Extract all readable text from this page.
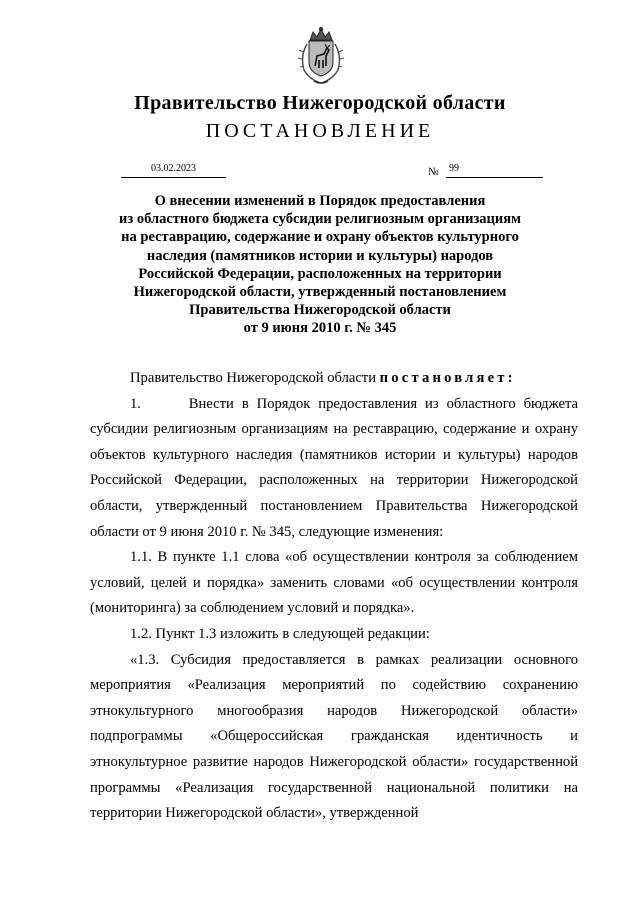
Правительство Нижегородской области
ПОСТАНОВЛЕНИЕ
03.02.2023	№	99
О внесении изменений в Порядок предоставления
из областного бюджета субсидии религиозным организациям
на реставрацию, содержание и охрану объектов культурного
наследия (памятников истории и культуры) народов
Российской Федерации, расположенных на территории
Нижегородской области, утвержденный постановлением
Правительства Нижегородской области
от 9 июня 2010 г. № 345

Правительство Нижегородской области постановляет:

1.      Внести в Порядок предоставления из областного бюджета субсидии религиозным организациям на реставрацию, содержание и охрану объектов культурного наследия (памятников истории и культуры) народов Российской Федерации, расположенных на территории Нижегородской области, утвержденный постановлением Правительства Нижегородской области от 9 июня 2010 г. № 345, следующие изменения:

1.1. В пункте 1.1 слова «об осуществлении контроля за соблюдением условий, целей и порядка» заменить словами «об осуществлении контроля (мониторинга) за соблюдением условий и порядка».

1.2. Пункт 1.3 изложить в следующей редакции:

«1.3. Субсидия предоставляется в рамках реализации основного мероприятия «Реализация мероприятий по содействию сохранению этнокультурного многообразия народов Нижегородской области» подпрограммы «Общероссийская гражданская идентичность и этнокультурное развитие народов Нижегородской области» государственной программы «Реализация государственной национальной политики на территории Нижегородской области», утвержденной
